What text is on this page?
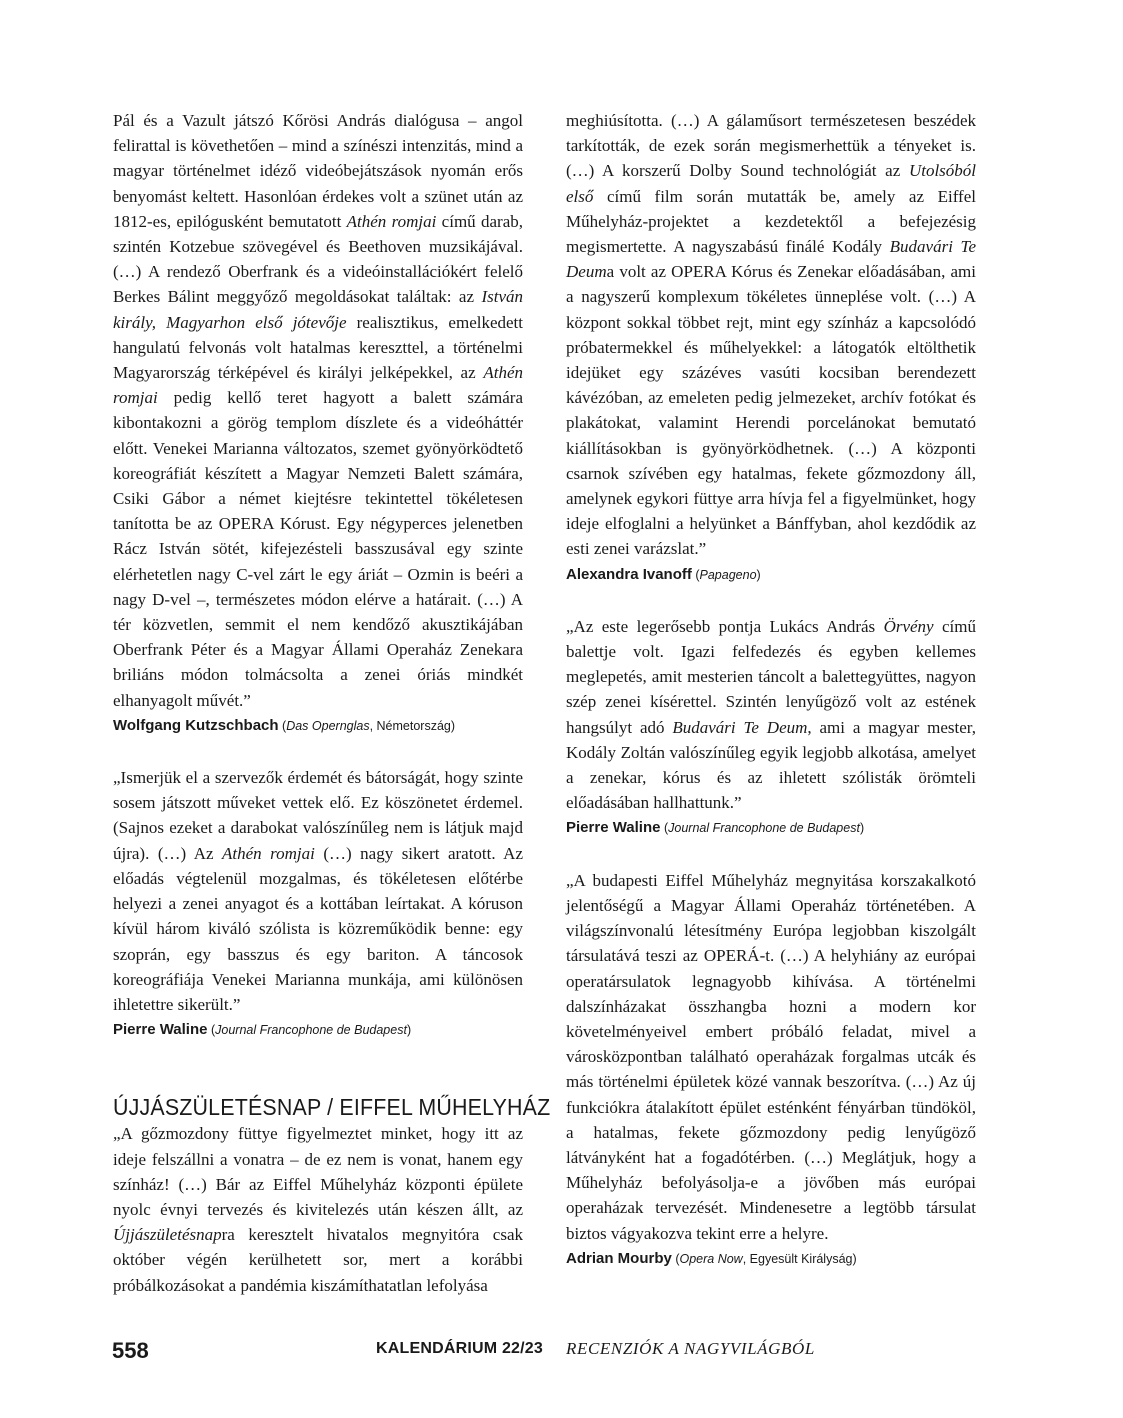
Pál és a Vazult játszó Kőrösi András dialógusa – angol felirattal is követhetően – mind a színészi intenzitás, mind a magyar történelmet idéző videóbejátszások nyomán erős benyomást keltett. Hasonlóan érdekes volt a szünet után az 1812-es, epilógusként bemutatott Athén romjai című darab, szintén Kotzebue szövegével és Beethoven muzsikájával. (…) A rendező Oberfrank és a videóinstallációkért felelő Berkes Bálint meggyőző megoldásokat találtak: az István király, Magyarhon első jótevője realisztikus, emelkedett hangulatú felvonás volt hatalmas kereszttel, a történelmi Magyarország térképével és királyi jelképekkel, az Athén romjai pedig kellő teret hagyott a balett számára kibontakozni a görög templom díszlete és a videóháttér előtt. Venekei Marianna változatos, szemet gyönyörködtető koreográfiát készített a Magyar Nemzeti Balett számára, Csiki Gábor a német kiejtésre tekintettel tökéletesen tanította be az OPERA Kórust. Egy négyperces jelenetben Rácz István sötét, kifejezésteli basszusával egy szinte elérhetetlen nagy C-vel zárt le egy áriát – Ozmin is beéri a nagy D-vel –, természetes módon elérve a határait. (…) A tér közvetlen, semmit el nem kendőző akusztikájában Oberfrank Péter és a Magyar Állami Operaház Zenekara briliáns módon tolmácsolta a zenei óriás mindkét elhanyagolt művét.”

Wolfgang Kutzschbach (Das Opernglas, Németország)

„Ismerjük el a szervezők érdemét és bátorságát, hogy szinte sosem játszott műveket vettek elő. Ez köszönetet érdemel. (Sajnos ezeket a darabokat valószínűleg nem is látjuk majd újra). (…) Az Athén romjai (…) nagy sikert aratott. Az előadás végtelenül mozgalmas, és tökéletesen előtérbe helyezi a zenei anyagot és a kottában leírtakat. A kóruson kívül három kiváló szólista is közreműködik benne: egy szoprán, egy basszus és egy bariton. A táncosok koreográfiája Venekei Marianna munkája, ami különösen ihletettre sikerült.”

Pierre Waline (Journal Francophone de Budapest)
ÚJJÁSZÜLETÉSNAP / EIFFEL MŰHELYHÁZ

„A gőzmozdony füttye figyelmeztet minket, hogy itt az ideje felszállni a vonatra – de ez nem is vonat, hanem egy színház! (…) Bár az Eiffel Műhelyház központi épülete nyolc évnyi tervezés és kivitelezés után készen állt, az Újjászületésnapra keresztelt hivatalos megnyitóra csak október végén kerülhetett sor, mert a korábbi próbálkozásokat a pandémia kiszámíthatatlan lefolyása

meghiúsította. (…) A gálaműsort természetesen beszédek tarkították, de ezek során megismerhettük a tényeket is. (…) A korszerű Dolby Sound technológiát az Utolsóból első című film során mutatták be, amely az Eiffel Műhelyház-projektet a kezdetektől a befejezésig megismertette. A nagyszabású finálé Kodály Budavári Te Deuma volt az OPERA Kórus és Zenekar előadásában, ami a nagyszerű komplexum tökéletes ünneplése volt. (…) A központ sokkal többet rejt, mint egy színház a kapcsolódó próbatermekkel és műhelyekkel: a látogatók eltölthetik idejüket egy százéves vasúti kocsiban berendezett kávézóban, az emeleten pedig jelmezeket, archív fotókat és plakátokat, valamint Herendi porcelánokat bemutató kiállításokban is gyönyörködhetnek. (…) A központi csarnok szívében egy hatalmas, fekete gőzmozdony áll, amelynek egykori füttye arra hívja fel a figyelmünket, hogy ideje elfoglalni a helyünket a Bánffyban, ahol kezdődik az esti zenei varázslat.”

Alexandra Ivanoff (Papageno)

„Az este legerősebb pontja Lukács András Örvény című balettje volt. Igazi felfedezés és egyben kellemes meglepetés, amit mesterien táncolt a balettegyüttes, nagyon szép zenei kísérettel. Szintén lenyűgöző volt az estének hangsúlyt adó Budavári Te Deum, ami a magyar mester, Kodály Zoltán valószínűleg egyik legjobb alkotása, amelyet a zenekar, kórus és az ihletett szólisták örömteli előadásában hallhattunk.”

Pierre Waline (Journal Francophone de Budapest)

„A budapesti Eiffel Műhelyház megnyitása korszakalkotó jelentőségű a Magyar Állami Operaház történetében. A világszínvonalú létesítmény Európa legjobban kiszolgált társulatává teszi az OPERÁ-t. (…) A helyhiány az európai operatársulatok legnagyobb kihívása. A történelmi dalszínházakat összhangba hozni a modern kor követelményeivel embert próbáló feladat, mivel a városközpontban található operaházak forgalmas utcák és más történelmi épületek közé vannak beszorítva. (…) Az új funkciókra átalakított épület esténként fényárban tündököl, a hatalmas, fekete gőzmozdony pedig lenyűgöző látványként hat a fogadótérben. (…) Meglátjuk, hogy a Műhelyház befolyásolja-e a jövőben más európai operaházak tervezését. Mindenesetre a legtöbb társulat biztos vágyakozva tekint erre a helyre.

Adrian Mourby (Opera Now, Egyesült Királyság)
558	KALENDÁRIUM 22/23 RECENZIÓK A NAGYVILÁGBÓL
